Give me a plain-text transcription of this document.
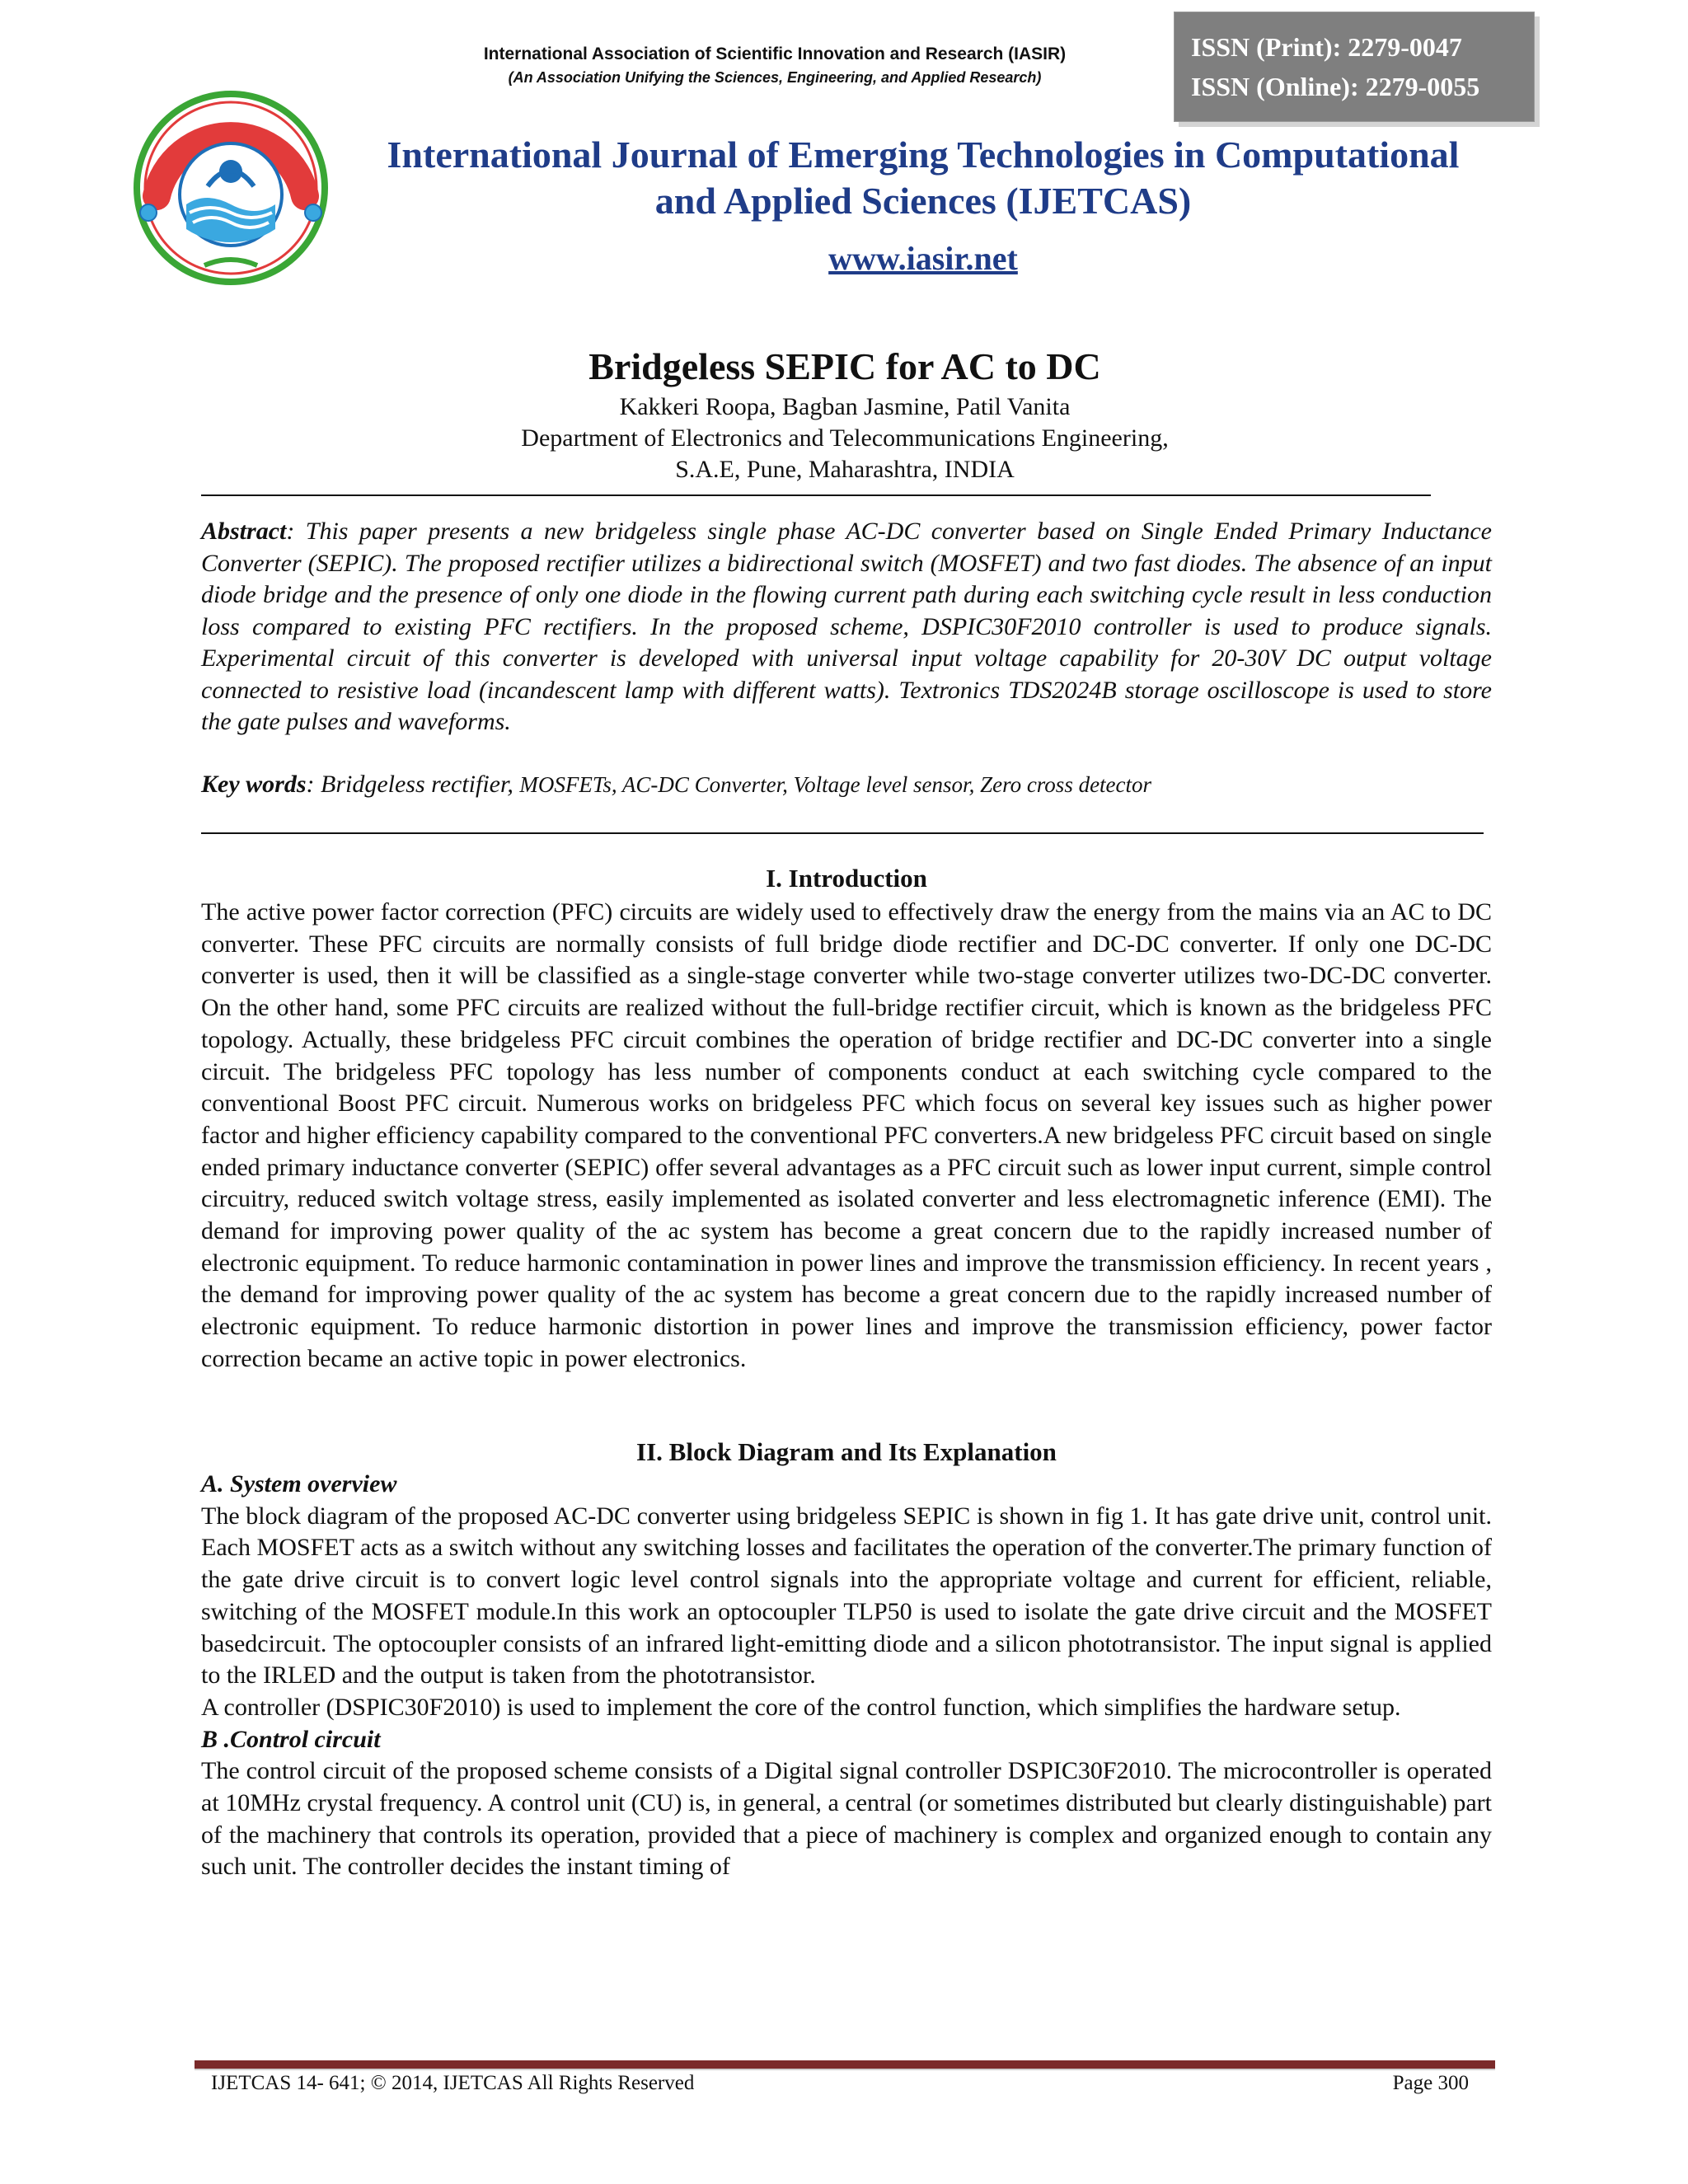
International Association of Scientific Innovation and Research (IASIR)
(An Association Unifying the Sciences, Engineering, and Applied Research)
ISSN (Print): 2279-0047
ISSN (Online): 2279-0055
International Journal of Emerging Technologies in Computational
and Applied Sciences (IJETCAS)
www.iasir.net
Bridgeless SEPIC for AC to DC
Kakkeri Roopa, Bagban Jasmine, Patil Vanita
Department of Electronics and Telecommunications Engineering,
S.A.E, Pune, Maharashtra, INDIA
Abstract: This paper presents a new bridgeless single phase AC-DC converter based on Single Ended Primary Inductance Converter (SEPIC). The proposed rectifier utilizes a bidirectional switch (MOSFET) and two fast diodes. The absence of an input diode bridge and the presence of only one diode in the flowing current path during each switching cycle result in less conduction loss compared to existing PFC rectifiers. In the proposed scheme, DSPIC30F2010 controller is used to produce signals. Experimental circuit of this converter is developed with universal input voltage capability for 20-30V DC output voltage connected to resistive load (incandescent lamp with different watts). Textronics TDS2024B storage oscilloscope is used to store the gate pulses and waveforms.
Key words: Bridgeless rectifier, MOSFETs, AC-DC Converter, Voltage level sensor, Zero cross detector
I. Introduction

The active power factor correction (PFC) circuits are widely used to effectively draw the energy from the mains via an AC to DC converter. These PFC circuits are normally consists of full bridge diode rectifier and DC-DC converter. If only one DC-DC converter is used, then it will be classified as a single-stage converter while two-stage converter utilizes two-DC-DC converter. On the other hand, some PFC circuits are realized without the full-bridge rectifier circuit, which is known as the bridgeless PFC topology. Actually, these bridgeless PFC circuit combines the operation of bridge rectifier and DC-DC converter into a single circuit. The bridgeless PFC topology has less number of components conduct at each switching cycle compared to the conventional Boost PFC circuit. Numerous works on bridgeless PFC which focus on several key issues such as higher power factor and higher efficiency capability compared to the conventional PFC converters.A new bridgeless PFC circuit based on single ended primary inductance converter (SEPIC) offer several advantages as a PFC circuit such as lower input current, simple control circuitry, reduced switch voltage stress, easily implemented as isolated converter and less electromagnetic inference (EMI). The demand for improving power quality of the ac system has become a great concern due to the rapidly increased number of electronic equipment. To reduce harmonic contamination in power lines and improve the transmission efficiency. In recent years , the demand for improving power quality of the ac system has become a great concern due to the rapidly increased number of electronic equipment. To reduce harmonic distortion in power lines and improve the transmission efficiency, power factor correction became an active topic in power electronics.

II. Block Diagram and Its Explanation

A. System overview

The block diagram of the proposed AC-DC converter using bridgeless SEPIC is shown in fig 1. It has gate drive unit, control unit. Each MOSFET acts as a switch without any switching losses and facilitates the operation of the converter.The primary function of the gate drive circuit is to convert logic level control signals into the appropriate voltage and current for efficient, reliable, switching of the MOSFET module.In this work an optocoupler TLP50 is used to isolate the gate drive circuit and the MOSFET basedcircuit. The optocoupler consists of an infrared light-emitting diode and a silicon phototransistor. The input signal is applied to the IRLED and the output is taken from the phototransistor.

A controller (DSPIC30F2010) is used to implement the core of the control function, which simplifies the hardware setup.

B .Control circuit

The control circuit of the proposed scheme consists of a Digital signal controller DSPIC30F2010. The microcontroller is operated at 10MHz crystal frequency. A control unit (CU) is, in general, a central (or sometimes distributed but clearly distinguishable) part of the machinery that controls its operation, provided that a piece of machinery is complex and organized enough to contain any such unit. The controller decides the instant timing of

IJETCAS 14- 641; © 2014, IJETCAS All Rights Reserved	Page 300
